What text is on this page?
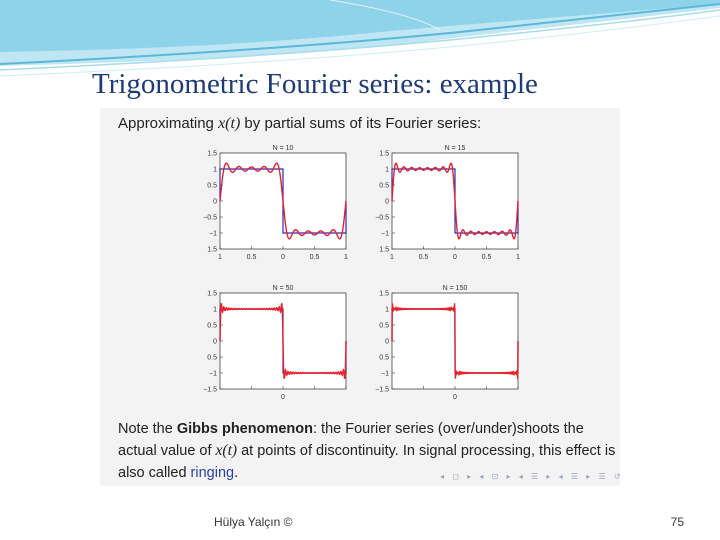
Trigonometric Fourier series: example
Approximating x(t) by partial sums of its Fourier series:
N = 10
1.5
1
0.5
0
−0.5
−1
1.5
1	0.5	0	0.5	1
N = 15
1.5
1
0.5
0
−0.5
−1
1.5
1	0.5	0	0.5	1
N = 50
1.5
1
0.5
0
0.5
−1
−1.5
0
N = 150
1.5
1
0.5
0
0.5
−1
−1.5
0
Note the Gibbs phenomenon: the Fourier series (over/under)shoots the actual value of x(t) at points of discontinuity. In signal processing, this effect is also called ringing.	◂ ◻ ▸ ◂ ⊡ ▸ ◂ ☰ ▸ ◂ ☰ ▸ ☰ ↺
Hülya Yalçın ©	75
